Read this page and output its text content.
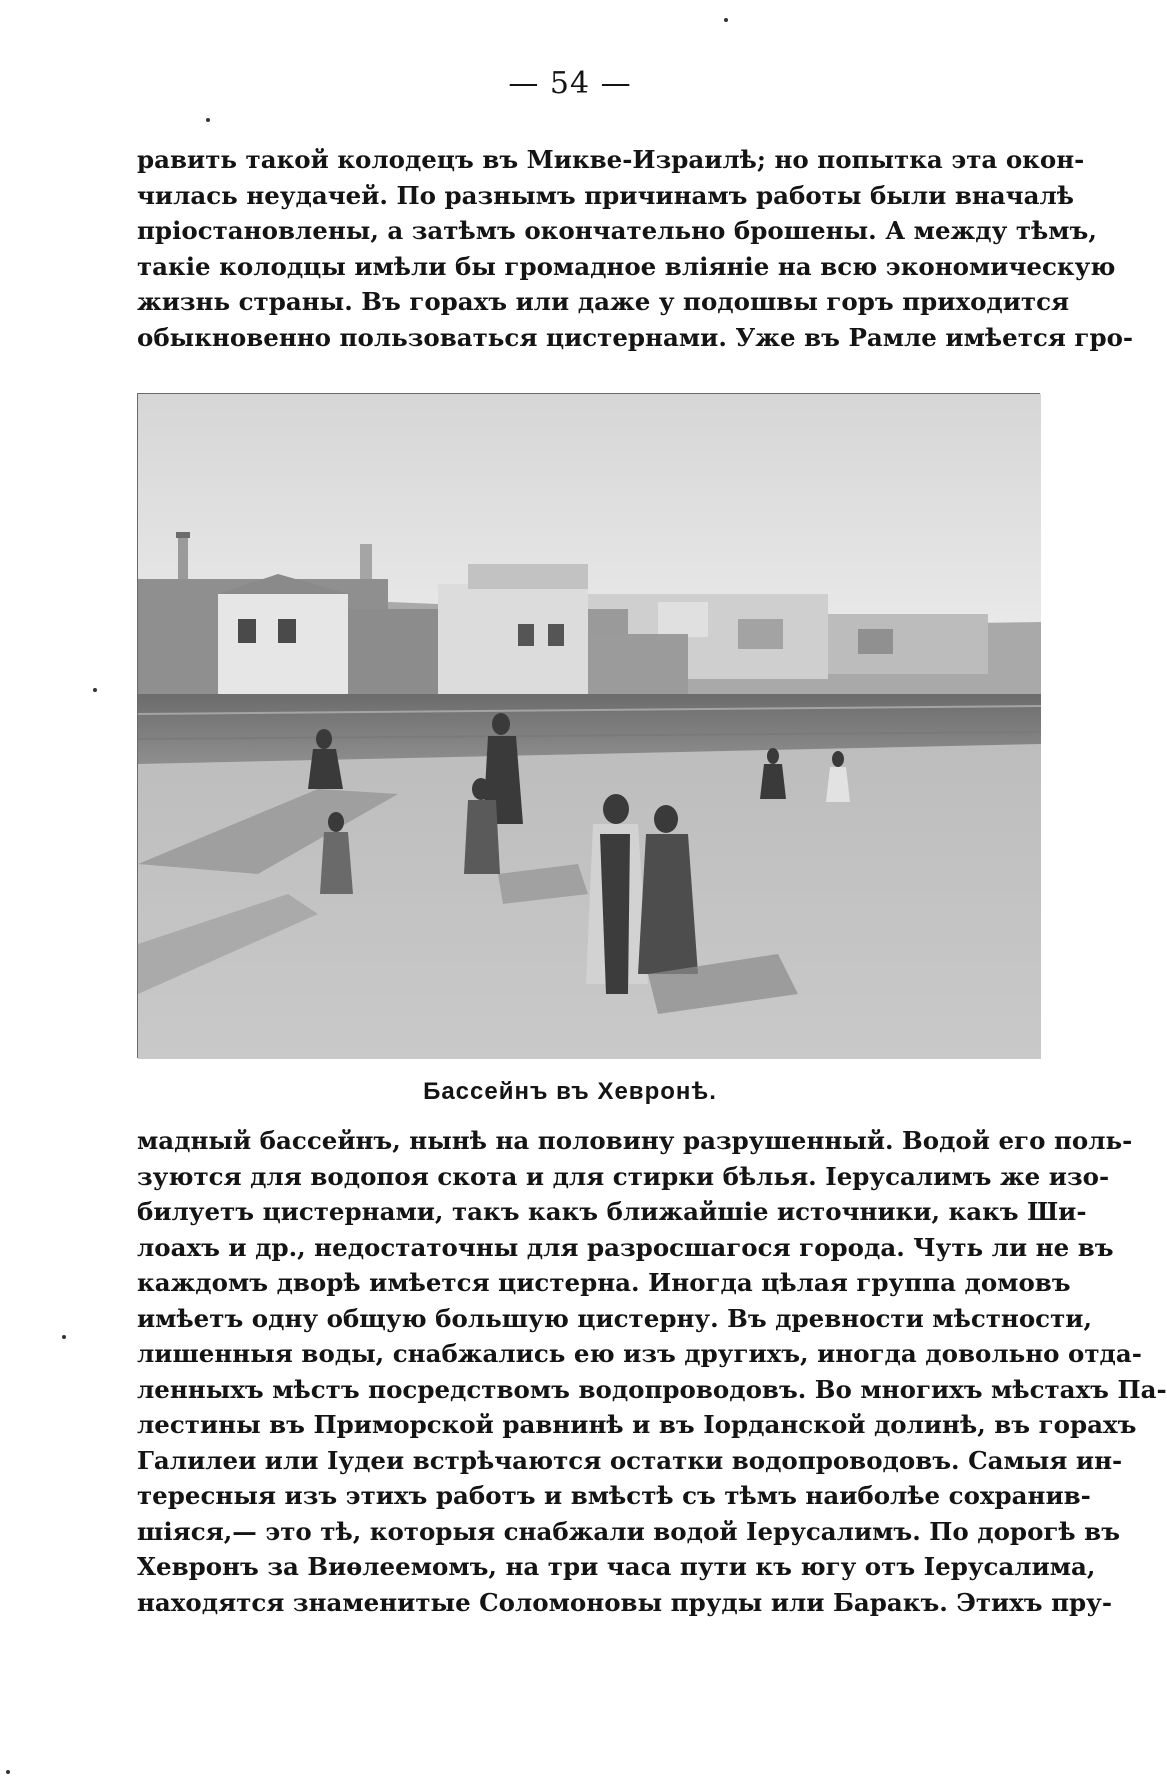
— 54 —
равить такой колодецъ въ Микве-Израилѣ; но попытка эта окон-
чилась неудачей. По разнымъ причинамъ работы были вначалѣ
пріостановлены, а затѣмъ окончательно брошены. А между тѣмъ,
такіе колодцы имѣли бы громадное вліяніе на всю экономическую
жизнь страны. Въ горахъ или даже у подошвы горъ приходится
обыкновенно пользоваться цистернами. Уже въ Рамле имѣется гро-
Бассейнъ въ Хевронѣ.
мадный бассейнъ, нынѣ на половину разрушенный. Водой его поль-
зуются для водопоя скота и для стирки бѣлья. Іерусалимъ же изо-
билуетъ цистернами, такъ какъ ближайшіе источники, какъ Ши-
лоахъ и др., недостаточны для разросшагося города. Чуть ли не въ
каждомъ дворѣ имѣется цистерна. Иногда цѣлая группа домовъ
имѣетъ одну общую большую цистерну. Въ древности мѣстности,
лишенныя воды, снабжались ею изъ другихъ, иногда довольно отда-
ленныхъ мѣстъ посредствомъ водопроводовъ. Во многихъ мѣстахъ Па-
лестины въ Приморской равнинѣ и въ Іорданской долинѣ, въ горахъ
Галилеи или Іудеи встрѣчаются остатки водопроводовъ. Самыя ин-
тересныя изъ этихъ работъ и вмѣстѣ съ тѣмъ наиболѣе сохранив-
шіяся,— это тѣ, которыя снабжали водой Іерусалимъ. По дорогѣ въ
Хевронъ за Виѳлеемомъ, на три часа пути къ югу отъ Іерусалима,
находятся знаменитые Соломоновы пруды или Баракъ. Этихъ пру-
